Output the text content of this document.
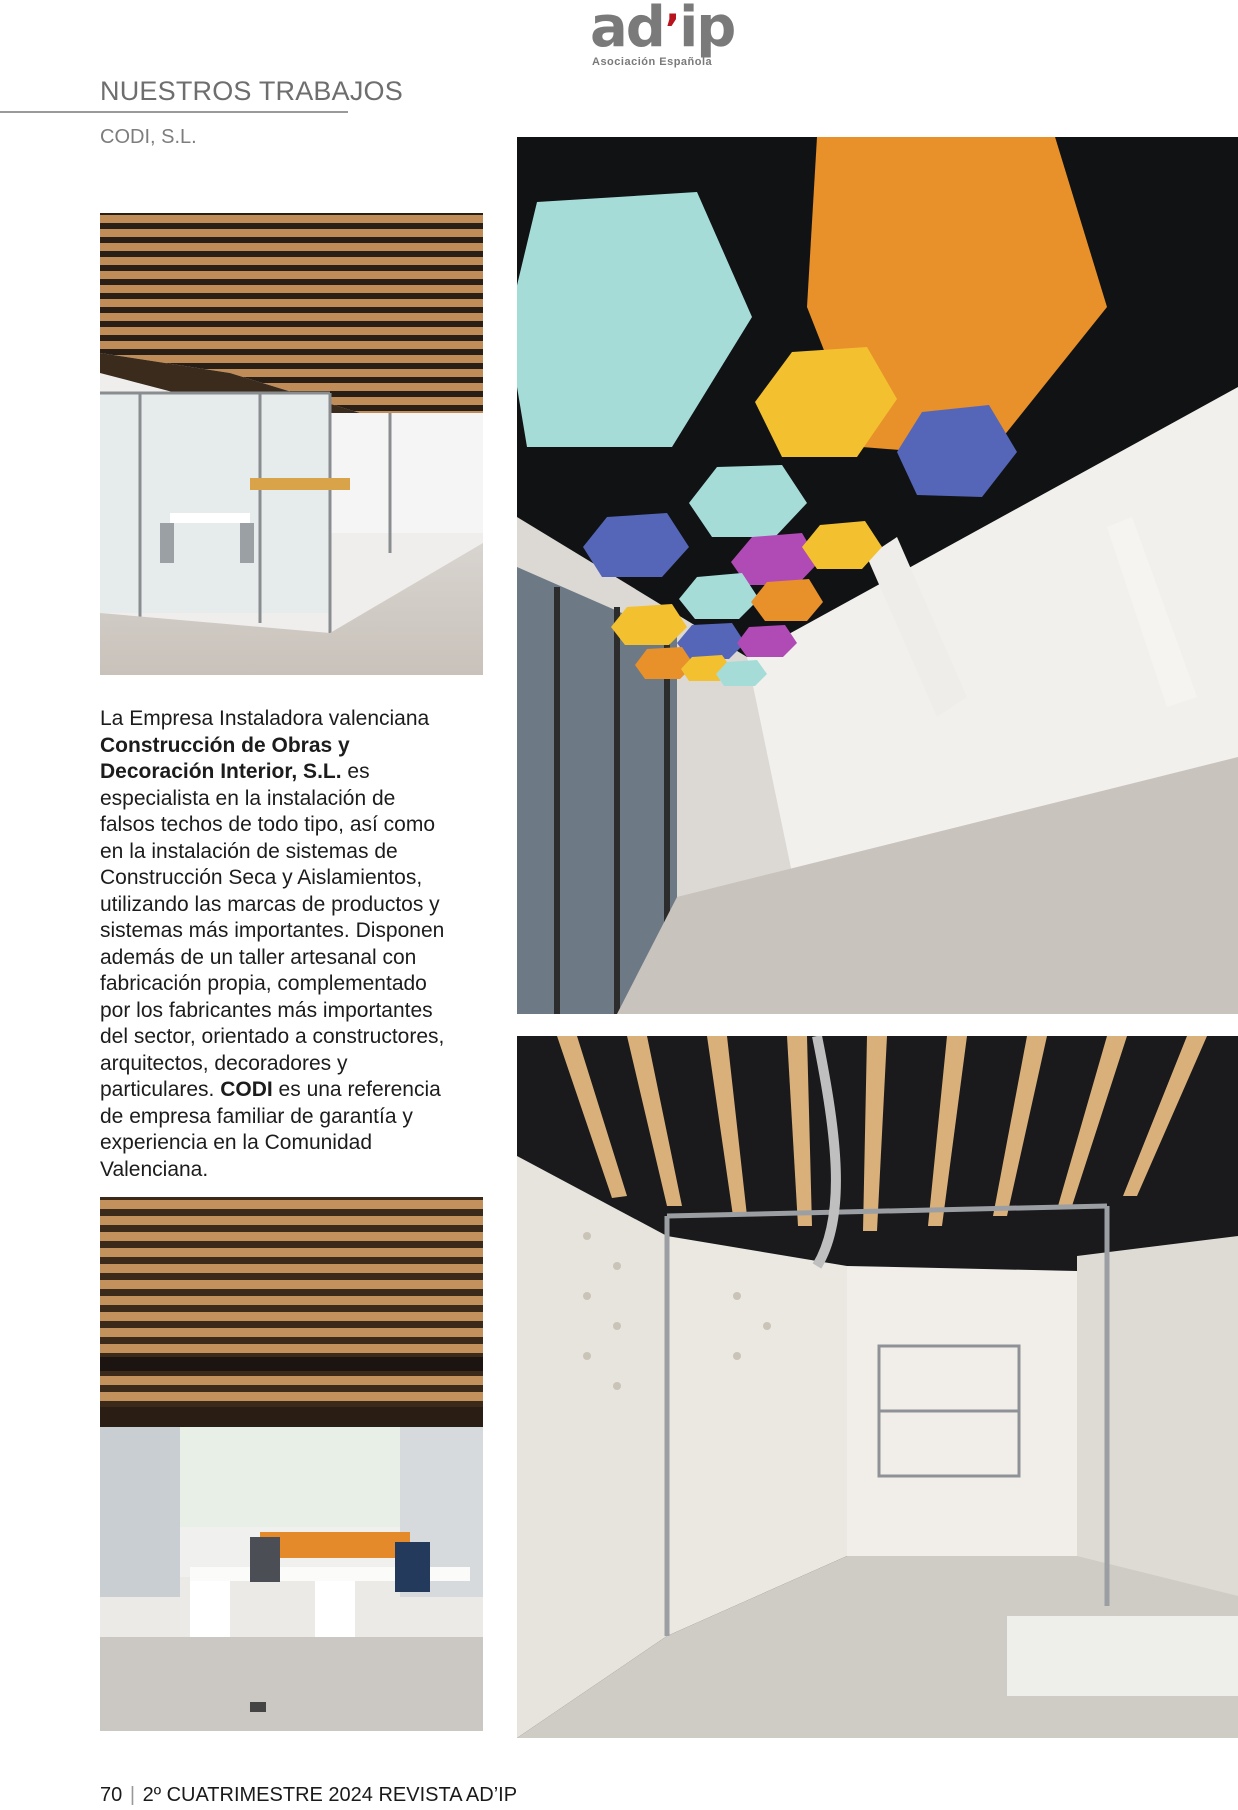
ad’ip
Asociación Española
NUESTROS TRABAJOS
CODI, S.L.
La Empresa Instaladora valenciana Construcción de Obras y Decoración Interior, S.L. es especialista en la instalación de falsos techos de todo tipo, así como en la instalación de sistemas de Construcción Seca y Aislamientos, utilizando las marcas de productos y sistemas más importantes. Disponen además de un taller artesanal con fabricación propia, complementado por los fabricantes más importantes del sector, orientado a constructores, arquitectos, decoradores y particulares. CODI es una referencia de empresa familiar de garantía y experiencia en la Comunidad Valenciana.
70 | 2º CUATRIMESTRE 2024 REVISTA AD’IP
